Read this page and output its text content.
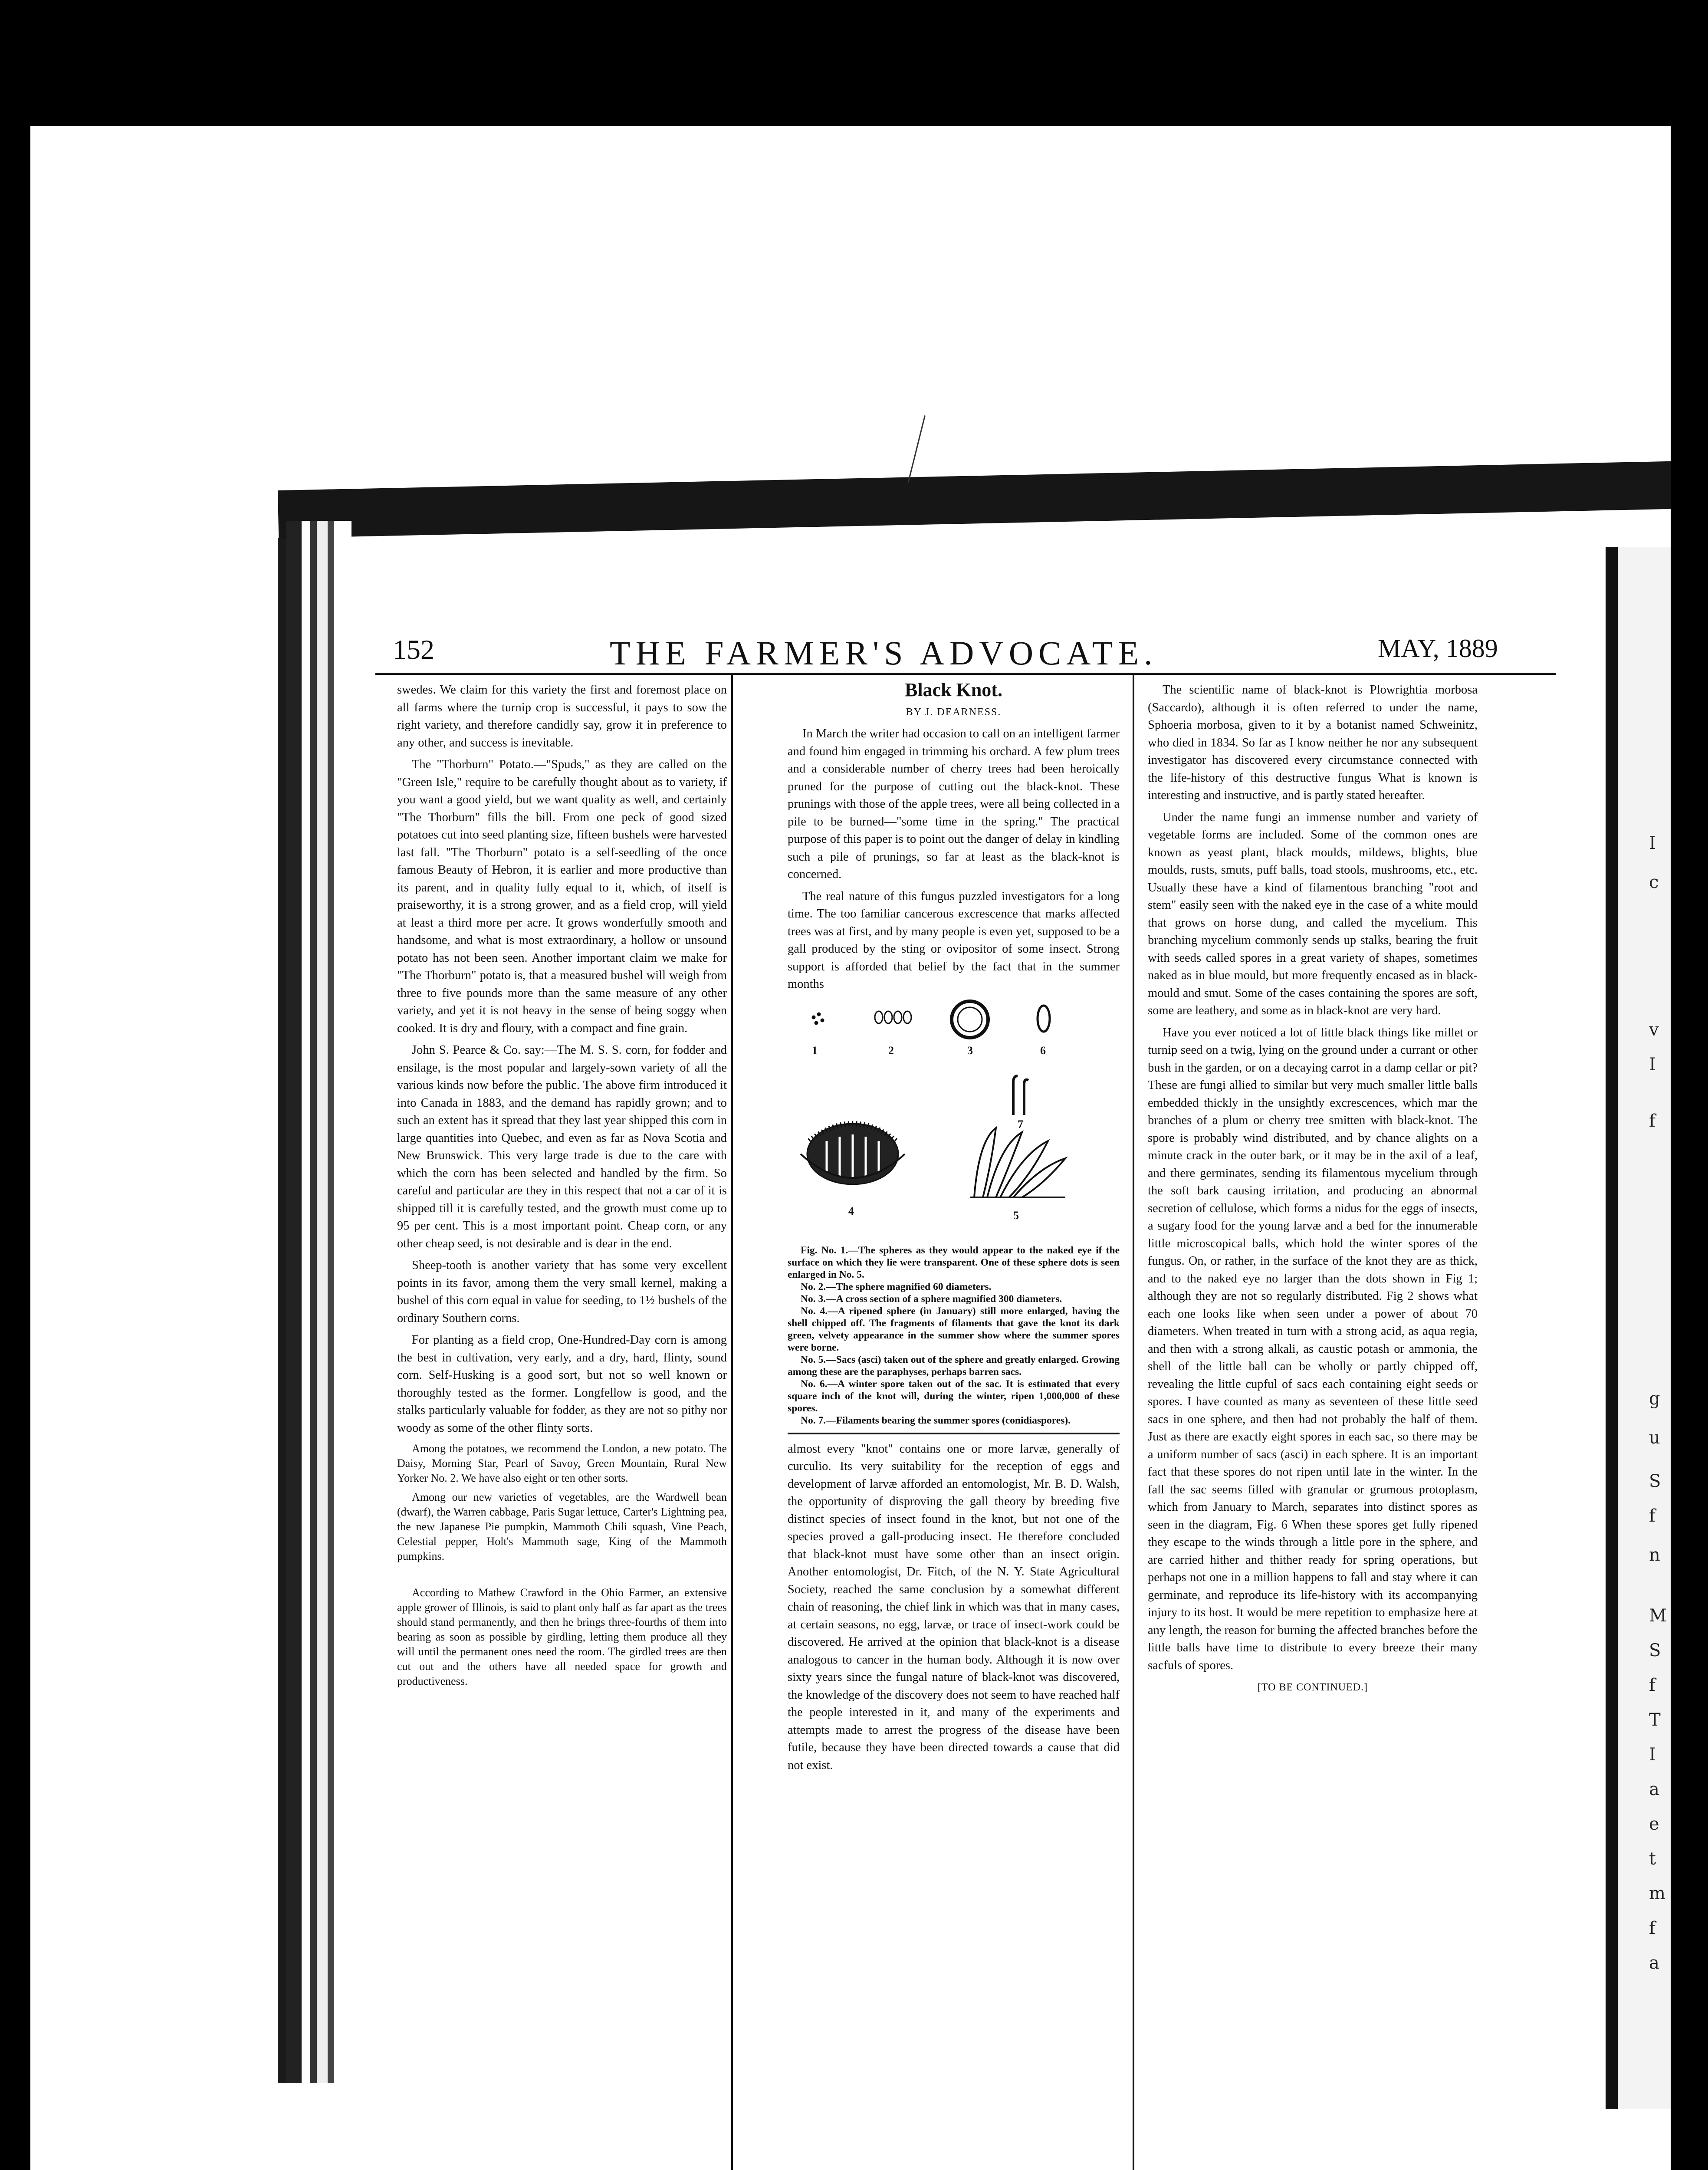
152	THE FARMER'S ADVOCATE.	MAY, 1889

swedes. We claim for this variety the first and foremost place on all farms where the turnip crop is successful, it pays to sow the right variety, and therefore candidly say, grow it in preference to any other, and success is inevitable.

The "Thorburn" Potato.—"Spuds," as they are called on the "Green Isle," require to be carefully thought about as to variety, if you want a good yield, but we want quality as well, and certainly "The Thorburn" fills the bill. From one peck of good sized potatoes cut into seed planting size, fifteen bushels were harvested last fall. "The Thorburn" potato is a self-seedling of the once famous Beauty of Hebron, it is earlier and more productive than its parent, and in quality fully equal to it, which, of itself is praiseworthy, it is a strong grower, and as a field crop, will yield at least a third more per acre. It grows wonderfully smooth and handsome, and what is most extraordinary, a hollow or unsound potato has not been seen. Another important claim we make for "The Thorburn" potato is, that a measured bushel will weigh from three to five pounds more than the same measure of any other variety, and yet it is not heavy in the sense of being soggy when cooked. It is dry and floury, with a compact and fine grain.

John S. Pearce & Co. say:—The M. S. S. corn, for fodder and ensilage, is the most popular and largely-sown variety of all the various kinds now before the public. The above firm introduced it into Canada in 1883, and the demand has rapidly grown; and to such an extent has it spread that they last year shipped this corn in large quantities into Quebec, and even as far as Nova Scotia and New Brunswick. This very large trade is due to the care with which the corn has been selected and handled by the firm. So careful and particular are they in this respect that not a car of it is shipped till it is carefully tested, and the growth must come up to 95 per cent. This is a most important point. Cheap corn, or any other cheap seed, is not desirable and is dear in the end.

Sheep-tooth is another variety that has some very excellent points in its favor, among them the very small kernel, making a bushel of this corn equal in value for seeding, to 1½ bushels of the ordinary Southern corns.

For planting as a field crop, One-Hundred-Day corn is among the best in cultivation, very early, and a dry, hard, flinty, sound corn. Self-Husking is a good sort, but not so well known or thoroughly tested as the former. Longfellow is good, and the stalks particularly valuable for fodder, as they are not so pithy nor woody as some of the other flinty sorts.

Among the potatoes, we recommend the London, a new potato. The Daisy, Morning Star, Pearl of Savoy, Green Mountain, Rural New Yorker No. 2. We have also eight or ten other sorts.

Among our new varieties of vegetables, are the Wardwell bean (dwarf), the Warren cabbage, Paris Sugar lettuce, Carter's Lightning pea, the new Japanese Pie pumpkin, Mammoth Chili squash, Vine Peach, Celestial pepper, Holt's Mammoth sage, King of the Mammoth pumpkins.

According to Mathew Crawford in the Ohio Farmer, an extensive apple grower of Illinois, is said to plant only half as far apart as the trees should stand permanently, and then he brings three-fourths of them into bearing as soon as possible by girdling, letting them produce all they will until the permanent ones need the room. The girdled trees are then cut out and the others have all needed space for growth and productiveness.

Black Knot.

BY J. DEARNESS.

In March the writer had occasion to call on an intelligent farmer and found him engaged in trimming his orchard. A few plum trees and a considerable number of cherry trees had been heroically pruned for the purpose of cutting out the black-knot. These prunings with those of the apple trees, were all being collected in a pile to be burned—"some time in the spring." The practical purpose of this paper is to point out the danger of delay in kindling such a pile of prunings, so far at least as the black-knot is concerned.

The real nature of this fungus puzzled investigators for a long time. The too familiar cancerous excrescence that marks affected trees was at first, and by many people is even yet, supposed to be a gall produced by the sting or ovipositor of some insect. Strong support is afforded that belief by the fact that in the summer months

1	2	3	6
7
4	5

Fig. No. 1.—The spheres as they would appear to the naked eye if the surface on which they lie were transparent. One of these sphere dots is seen enlarged in No. 5.

No. 2.—The sphere magnified 60 diameters.

No. 3.—A cross section of a sphere magnified 300 diameters.

No. 4.—A ripened sphere (in January) still more enlarged, having the shell chipped off. The fragments of filaments that gave the knot its dark green, velvety appearance in the summer show where the summer spores were borne.

No. 5.—Sacs (asci) taken out of the sphere and greatly enlarged. Growing among these are the paraphyses, perhaps barren sacs.

No. 6.—A winter spore taken out of the sac. It is estimated that every square inch of the knot will, during the winter, ripen 1,000,000 of these spores.

No. 7.—Filaments bearing the summer spores (conidiaspores).

almost every "knot" contains one or more larvæ, generally of curculio. Its very suitability for the reception of eggs and development of larvæ afforded an entomologist, Mr. B. D. Walsh, the opportunity of disproving the gall theory by breeding five distinct species of insect found in the knot, but not one of the species proved a gall-producing insect. He therefore concluded that black-knot must have some other than an insect origin. Another entomologist, Dr. Fitch, of the N. Y. State Agricultural Society, reached the same conclusion by a somewhat different chain of reasoning, the chief link in which was that in many cases, at certain seasons, no egg, larvæ, or trace of insect-work could be discovered. He arrived at the opinion that black-knot is a disease analogous to cancer in the human body. Although it is now over sixty years since the fungal nature of black-knot was discovered, the knowledge of the discovery does not seem to have reached half the people interested in it, and many of the experiments and attempts made to arrest the progress of the disease have been futile, because they have been directed towards a cause that did not exist.

The scientific name of black-knot is Plowrightia morbosa (Saccardo), although it is often referred to under the name, Sphoeria morbosa, given to it by a botanist named Schweinitz, who died in 1834. So far as I know neither he nor any subsequent investigator has discovered every circumstance connected with the life-history of this destructive fungus What is known is interesting and instructive, and is partly stated hereafter.

Under the name fungi an immense number and variety of vegetable forms are included. Some of the common ones are known as yeast plant, black moulds, mildews, blights, blue moulds, rusts, smuts, puff balls, toad stools, mushrooms, etc., etc. Usually these have a kind of filamentous branching "root and stem" easily seen with the naked eye in the case of a white mould that grows on horse dung, and called the mycelium. This branching mycelium commonly sends up stalks, bearing the fruit with seeds called spores in a great variety of shapes, sometimes naked as in blue mould, but more frequently encased as in black-mould and smut. Some of the cases containing the spores are soft, some are leathery, and some as in black-knot are very hard.

Have you ever noticed a lot of little black things like millet or turnip seed on a twig, lying on the ground under a currant or other bush in the garden, or on a decaying carrot in a damp cellar or pit? These are fungi allied to similar but very much smaller little balls embedded thickly in the unsightly excrescences, which mar the branches of a plum or cherry tree smitten with black-knot. The spore is probably wind distributed, and by chance alights on a minute crack in the outer bark, or it may be in the axil of a leaf, and there germinates, sending its filamentous mycelium through the soft bark causing irritation, and producing an abnormal secretion of cellulose, which forms a nidus for the eggs of insects, a sugary food for the young larvæ and a bed for the innumerable little microscopical balls, which hold the winter spores of the fungus. On, or rather, in the surface of the knot they are as thick, and to the naked eye no larger than the dots shown in Fig 1; although they are not so regularly distributed. Fig 2 shows what each one looks like when seen under a power of about 70 diameters. When treated in turn with a strong acid, as aqua regia, and then with a strong alkali, as caustic potash or ammonia, the shell of the little ball can be wholly or partly chipped off, revealing the little cupful of sacs each containing eight seeds or spores. I have counted as many as seventeen of these little seed sacs in one sphere, and then had not probably the half of them. Just as there are exactly eight spores in each sac, so there may be a uniform number of sacs (asci) in each sphere. It is an important fact that these spores do not ripen until late in the winter. In the fall the sac seems filled with granular or grumous protoplasm, which from January to March, separates into distinct spores as seen in the diagram, Fig. 6 When these spores get fully ripened they escape to the winds through a little pore in the sphere, and are carried hither and thither ready for spring operations, but perhaps not one in a million happens to fall and stay where it can germinate, and reproduce its life-history with its accompanying injury to its host. It would be mere repetition to emphasize here at any length, the reason for burning the affected branches before the little balls have time to distribute to every breeze their many sacfuls of spores.

[TO BE CONTINUED.]

I
c
v
I
f
g
u
S
f
n
M
S
f
T
I
a
e
t
m
f
a
